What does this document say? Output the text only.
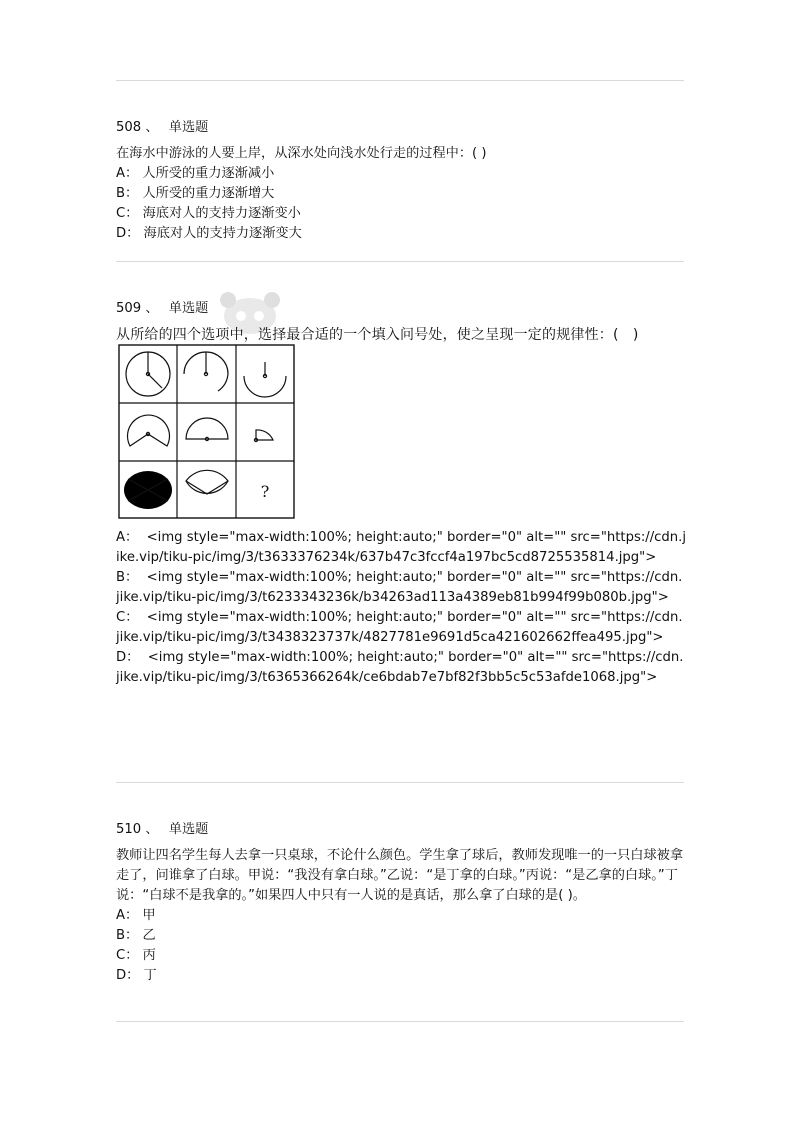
508 、 单选题
在海水中游泳的人要上岸，从深水处向浅水处行走的过程中：( )
A： 人所受的重力逐渐减小
B： 人所受的重力逐渐增大
C： 海底对人的支持力逐渐变小
D： 海底对人的支持力逐渐变大
509 、 单选题
从所给的四个选项中，选择最合适的一个填入问号处，使之呈现一定的规律性：(　)
?
A： <img style="max-width:100%; height:auto;" border="0" alt="" src="https://cdn.jike.vip/tiku-pic/img/3/t3633376234k/637b47c3fccf4a197bc5cd8725535814.jpg">
B： <img style="max-width:100%; height:auto;" border="0" alt="" src="https://cdn.jike.vip/tiku-pic/img/3/t6233343236k/b34263ad113a4389eb81b994f99b080b.jpg">
C： <img style="max-width:100%; height:auto;" border="0" alt="" src="https://cdn.jike.vip/tiku-pic/img/3/t3438323737k/4827781e9691d5ca421602662ffea495.jpg">
D： <img style="max-width:100%; height:auto;" border="0" alt="" src="https://cdn.jike.vip/tiku-pic/img/3/t6365366264k/ce6bdab7e7bf82f3bb5c5c53afde1068.jpg">
510 、 单选题
教师让四名学生每人去拿一只桌球，不论什么颜色。学生拿了球后，教师发现唯一的一只白球被拿走了，问谁拿了白球。甲说：“我没有拿白球。”乙说：“是丁拿的白球。”丙说：“是乙拿的白球。”丁说：“白球不是我拿的。”如果四人中只有一人说的是真话，那么拿了白球的是( )。
A： 甲
B： 乙
C： 丙
D： 丁
